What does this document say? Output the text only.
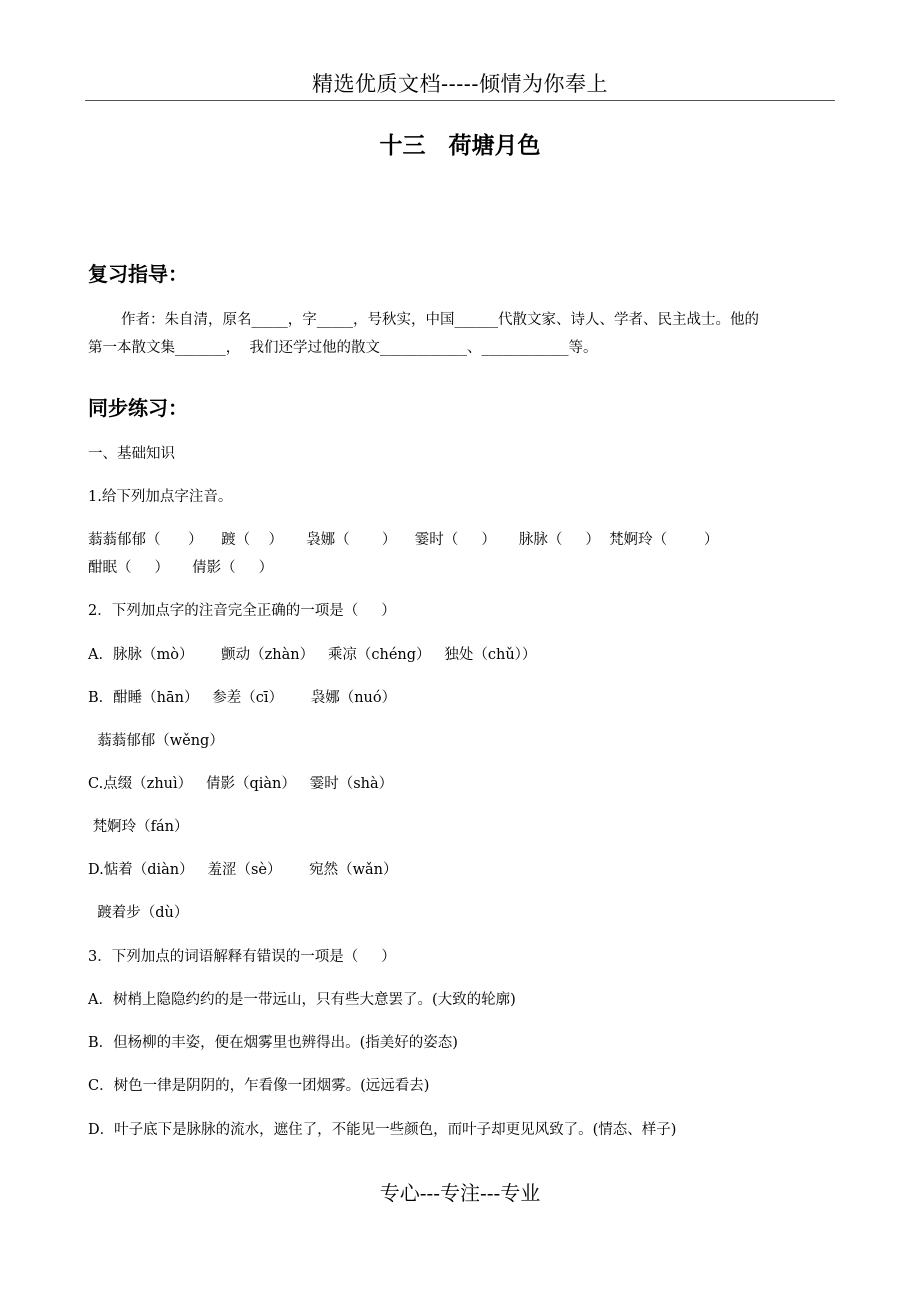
精选优质文档-----倾情为你奉上
十三　荷塘月色
复习指导：
作者：朱自清，原名_____，字_____，号秋实，中国______代散文家、诗人、学者、民主战士。他的
第一本散文集_______，  我们还学过他的散文____________、____________等。
同步练习：
一、基础知识
1.给下列加点字注音。
蓊蓊郁郁（      ）    踱（    ）     袅娜（       ）    霎时（     ）     脉脉（     ）  梵婀玲（        ）
酣眠（     ）     倩影（     ）
2．下列加点字的注音完全正确的一项是（     ）
A．脉脉（mò）      颤动（zhàn）   乘凉（chéng）   独处（chǔ））
B．酣睡（hān）   参差（cī）      袅娜（nuó）
蓊蓊郁郁（wěng）
C.点缀（zhuì）   倩影（qiàn）   霎时（shà）
梵婀玲（fán）
D.惦着（diàn）   羞涩（sè）      宛然（wǎn）
踱着步（dù）
3．下列加点的词语解释有错误的一项是（     ）
A．树梢上隐隐约约的是一带远山，只有些大意罢了。(大致的轮廓)
B．但杨柳的丰姿，便在烟雾里也辨得出。(指美好的姿态)
C．树色一律是阴阴的，乍看像一团烟雾。(远远看去)
D．叶子底下是脉脉的流水，遮住了，不能见一些颜色，而叶子却更见风致了。(情态、样子)
专心---专注---专业
